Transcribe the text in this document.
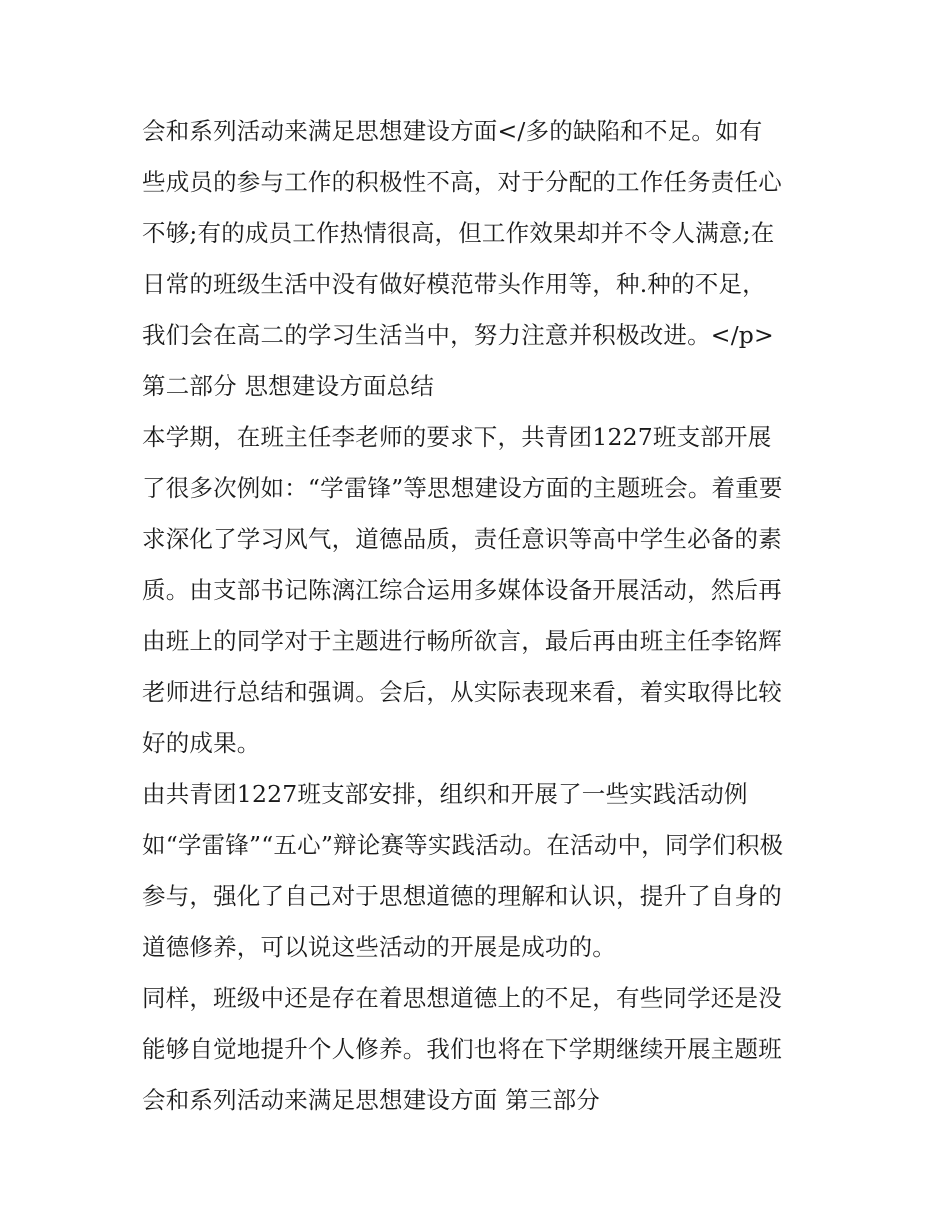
会和系列活动来满足思想建设方面</多的缺陷和不足。如有
些成员的参与工作的积极性不高，对于分配的工作任务责任心
不够;有的成员工作热情很高，但工作效果却并不令人满意;在
日常的班级生活中没有做好模范带头作用等，种.种的不足，
我们会在高二的学习生活当中，努力注意并积极改进。</p>
第二部分 思想建设方面总结
本学期，在班主任李老师的要求下，共青团1227班支部开展
了很多次例如：“学雷锋”等思想建设方面的主题班会。着重要
求深化了学习风气，道德品质，责任意识等高中学生必备的素
质。由支部书记陈漓江综合运用多媒体设备开展活动，然后再
由班上的同学对于主题进行畅所欲言，最后再由班主任李铭辉
老师进行总结和强调。会后，从实际表现来看，着实取得比较
好的成果。
由共青团1227班支部安排，组织和开展了一些实践活动例
如“学雷锋”“五心”辩论赛等实践活动。在活动中，同学们积极
参与，强化了自己对于思想道德的理解和认识，提升了自身的
道德修养，可以说这些活动的开展是成功的。
同样，班级中还是存在着思想道德上的不足，有些同学还是没
能够自觉地提升个人修养。我们也将在下学期继续开展主题班
会和系列活动来满足思想建设方面 第三部分
